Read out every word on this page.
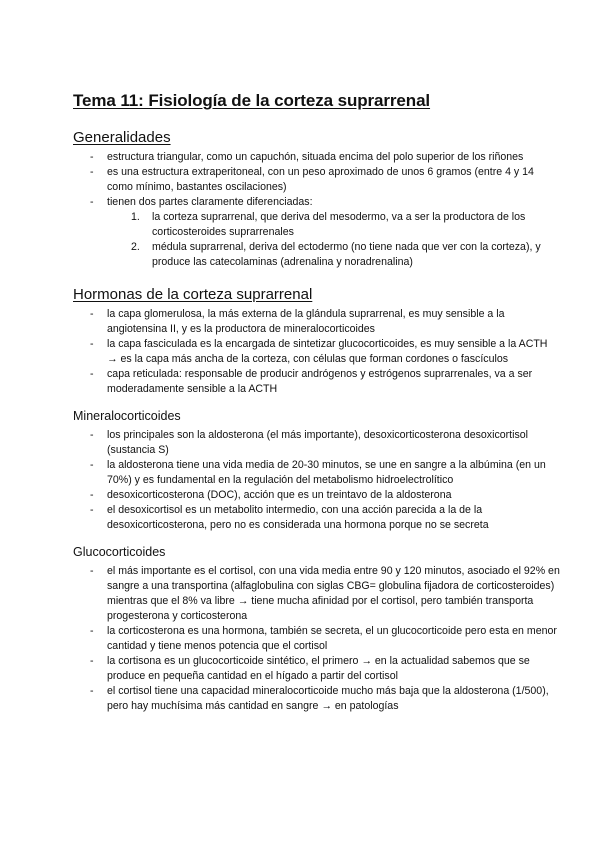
Tema 11: Fisiología de la corteza suprarrenal
Generalidades
- estructura triangular, como un capuchón, situada encima del polo superior de los riñones
- es una estructura extraperitoneal, con un peso aproximado de unos 6 gramos (entre 4 y 14 como mínimo, bastantes oscilaciones)
- tienen dos partes claramente diferenciadas:
1. la corteza suprarrenal, que deriva del mesodermo, va a ser la productora de los corticosteroides suprarrenales
2. médula suprarrenal, deriva del ectodermo (no tiene nada que ver con la corteza), y produce las catecolaminas (adrenalina y noradrenalina)
Hormonas de la corteza suprarrenal
- la capa glomerulosa, la más externa de la glándula suprarrenal, es muy sensible a la angiotensina II, y es la productora de mineralocorticoides
- la capa fasciculada es la encargada de sintetizar glucocorticoides, es muy sensible a la ACTH → es la capa más ancha de la corteza, con células que forman cordones o fascículos
- capa reticulada: responsable de producir andrógenos y estrógenos suprarrenales, va a ser moderadamente sensible a la ACTH
Mineralocorticoides
- los principales son la aldosterona (el más importante), desoxicorticosterona desoxicortisol (sustancia S)
- la aldosterona tiene una vida media de 20-30 minutos, se une en sangre a la albúmina (en un 70%) y es fundamental en la regulación del metabolismo hidroelectrolítico
- desoxicorticosterona (DOC), acción que es un treintavo de la aldosterona
- el desoxicortisol es un metabolito intermedio, con una acción parecida a la de la desoxicorticosterona, pero no es considerada una hormona porque no se secreta
Glucocorticoides
- el más importante es el cortisol, con una vida media entre 90 y 120 minutos, asociado el 92% en sangre a una transportina (alfaglobulina con siglas CBG= globulina fijadora de corticosteroides) mientras que el 8% va libre → tiene mucha afinidad por el cortisol, pero también transporta progesterona y corticosterona
- la corticosterona es una hormona, también se secreta, el un glucocorticoide pero esta en menor cantidad y tiene menos potencia que el cortisol
- la cortisona es un glucocorticoide sintético, el primero → en la actualidad sabemos que se produce en pequeña cantidad en el hígado a partir del cortisol
- el cortisol tiene una capacidad mineralocorticoide mucho más baja que la aldosterona (1/500), pero hay muchísima más cantidad en sangre → en patologías
